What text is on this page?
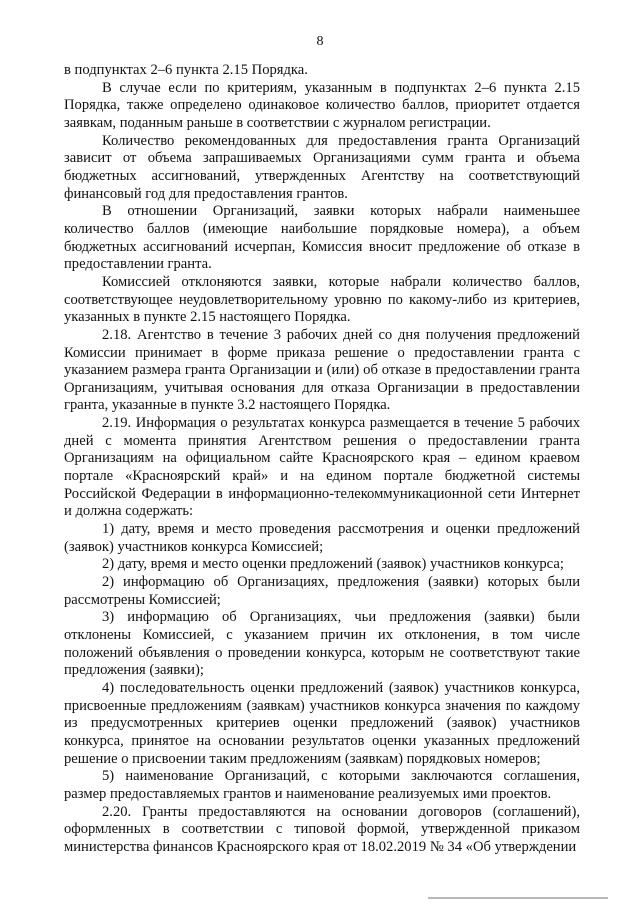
8

в подпунктах 2–6 пункта 2.15 Порядка.

В случае если по критериям, указанным в подпунктах 2–6 пункта 2.15 Порядка, также определено одинаковое количество баллов, приоритет отдается заявкам, поданным раньше в соответствии с журналом регистрации.

Количество рекомендованных для предоставления гранта Организаций зависит от объема запрашиваемых Организациями сумм гранта и объема бюджетных ассигнований, утвержденных Агентству на соответствующий финансовый год для предоставления грантов.

В отношении Организаций, заявки которых набрали наименьшее количество баллов (имеющие наибольшие порядковые номера), а объем бюджетных ассигнований исчерпан, Комиссия вносит предложение об отказе в предоставлении гранта.

Комиссией отклоняются заявки, которые набрали количество баллов, соответствующее неудовлетворительному уровню по какому-либо из критериев, указанных в пункте 2.15 настоящего Порядка.

2.18. Агентство в течение 3 рабочих дней со дня получения предложений Комиссии принимает в форме приказа решение о предоставлении гранта с указанием размера гранта Организации и (или) об отказе в предоставлении гранта Организациям, учитывая основания для отказа Организации в предоставлении гранта, указанные в пункте 3.2 настоящего Порядка.

2.19. Информация о результатах конкурса размещается в течение 5 рабочих дней с момента принятия Агентством решения о предоставлении гранта Организациям на официальном сайте Красноярского края – едином краевом портале «Красноярский край» и на едином портале бюджетной системы Российской Федерации в информационно-телекоммуникационной сети Интернет и должна содержать:

1) дату, время и место проведения рассмотрения и оценки предложений (заявок) участников конкурса Комиссией;

2) дату, время и место оценки предложений (заявок) участников конкурса;

2) информацию об Организациях, предложения (заявки) которых были рассмотрены Комиссией;

3) информацию об Организациях, чьи предложения (заявки) были отклонены Комиссией, с указанием причин их отклонения, в том числе положений объявления о проведении конкурса, которым не соответствуют такие предложения (заявки);

4) последовательность оценки предложений (заявок) участников конкурса, присвоенные предложениям (заявкам) участников конкурса значения по каждому из предусмотренных критериев оценки предложений (заявок) участников конкурса, принятое на основании результатов оценки указанных предложений решение о присвоении таким предложениям (заявкам) порядковых номеров;

5) наименование Организаций, с которыми заключаются соглашения, размер предоставляемых грантов и наименование реализуемых ими проектов.

2.20. Гранты предоставляются на основании договоров (соглашений), оформленных в соответствии с типовой формой, утвержденной приказом министерства финансов Красноярского края от 18.02.2019 № 34 «Об утверждении
